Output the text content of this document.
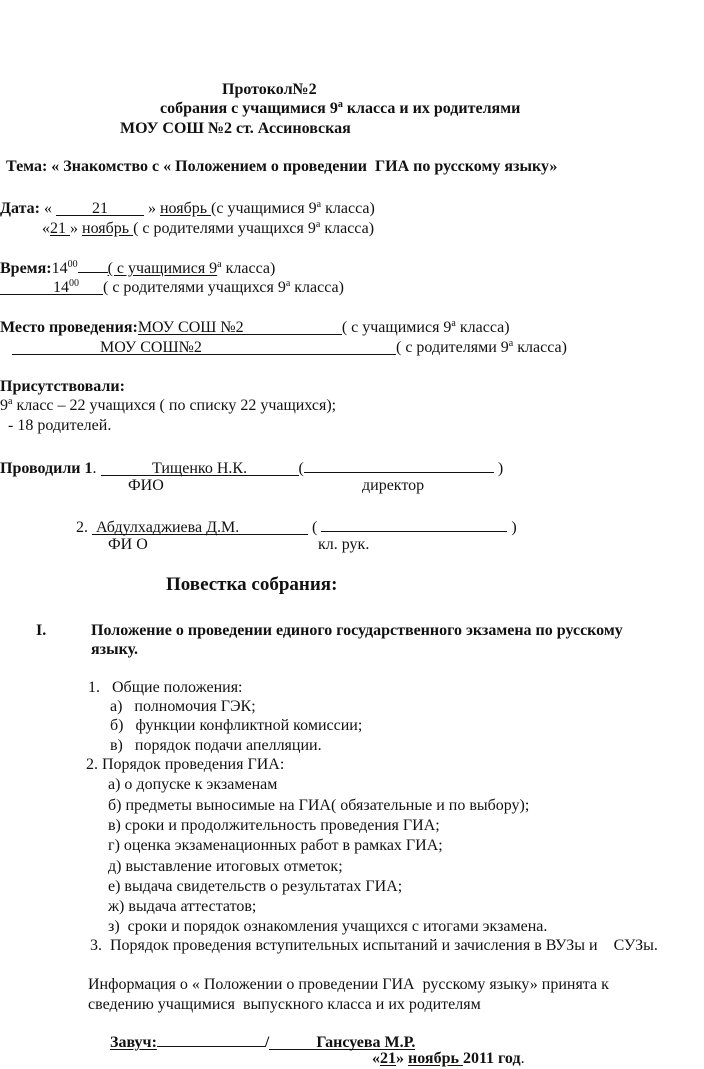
Протокол№2
собрания с учащимися $9^а$ класса и их родителями
МОУ СОШ №2 ст. Ассиновская
Тема: « Знакомство с « Положением о проведении  ГИА по русскому языку»
Дата: « 21 » ноябрь (с учащимися $9^а$ класса)
«21 » ноябрь ( с родителями учащихся $9^а$ класса)
$Время:14^{00}$ ( с учащимися $9^а$ класса)
$14^{00}$ ( с родителями учащихся $9^а$ класса)
Место проведения:МОУ СОШ №2	( с учащимися $9^а$ класса)
МОУ СОШ№2	( с родителями $9^а$ класса)
Присутствовали:
$9^а$ класс – 22 учащихся ( по списку 22 учащихся);
- 18 родителей.
Проводили 1.	Тищенко Н.К.	(	)
ФИО	директор
2. Абдулхаджиева Д.М.	(	)
ФИ О	кл. рук.
Повестка собрания:
I.	Положение о проведении единого государственного экзамена по русскому
языку.
1.   Общие положения:
а)   полномочия ГЭК;
б)   функции конфликтной комиссии;
в)   порядок подачи апелляции.
2. Порядок проведения ГИА:
а) о допуске к экзаменам
б) предметы выносимые на ГИА( обязательные и по выбору);
в) сроки и продолжительность проведения ГИА;
г) оценка экзаменационных работ в рамках ГИА;
д) выставление итоговых отметок;
е) выдача свидетельств о результатах ГИА;
ж) выдача аттестатов;
з)  сроки и порядок ознакомления учащихся с итогами экзамена.
3.  Порядок проведения вступительных испытаний и зачисления в ВУЗы и    СУЗы.
Информация о « Положении о проведении ГИА  русскому языку» принята к
сведению учащимися  выпускного класса и их родителям
Завуч:	/	Гансуева М.Р.
«21» ноябрь 2011 год.
